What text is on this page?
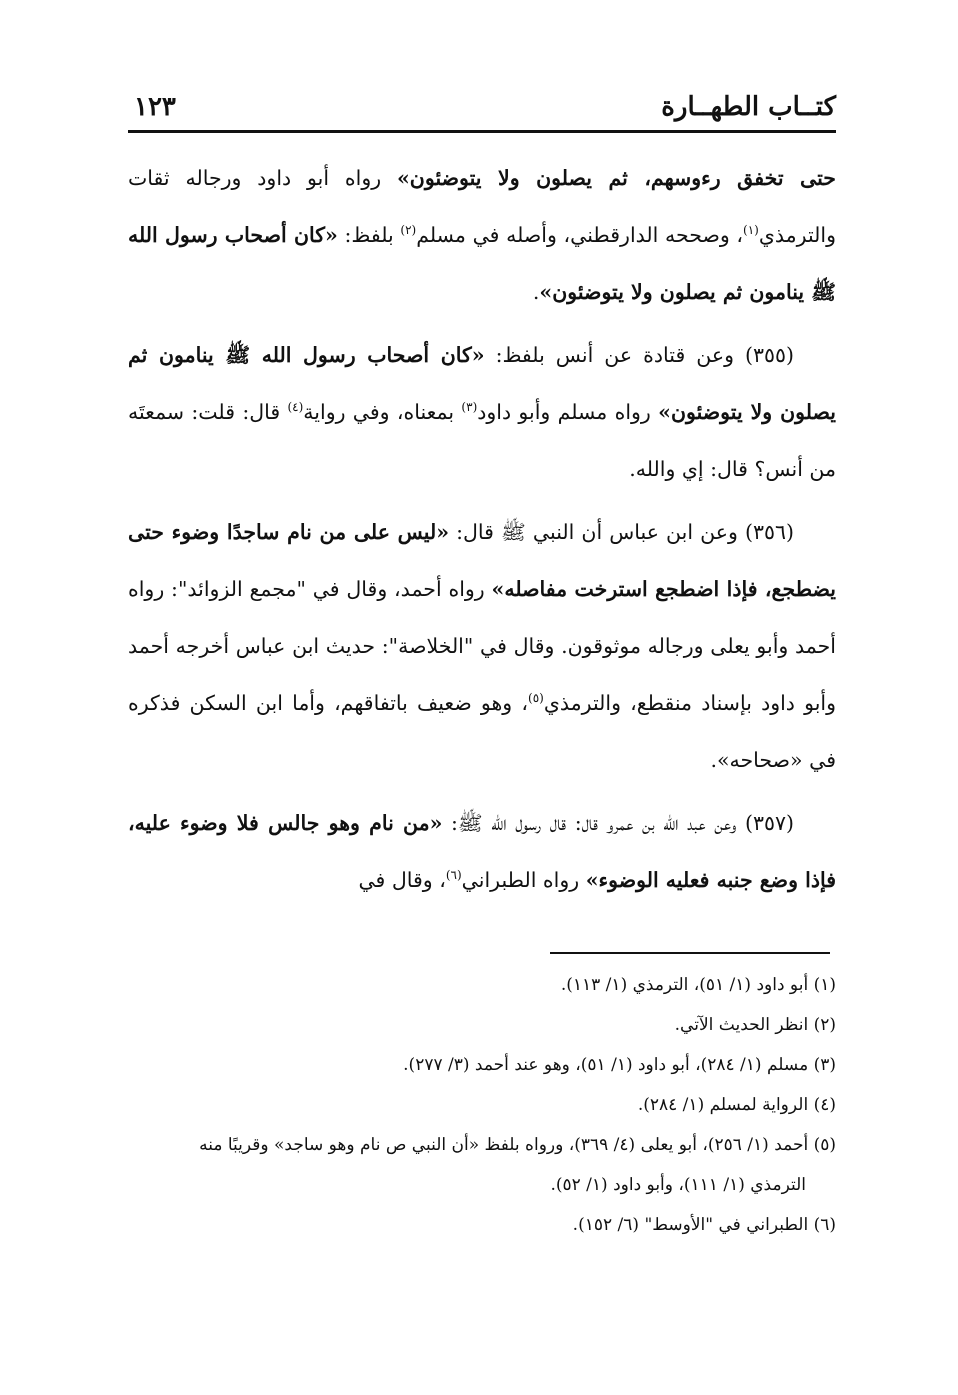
كتــاب الطهــارة
١٢٣

حتى تخفق رءوسهم، ثم يصلون ولا يتوضئون» رواه أبو داود ورجاله ثقات والترمذي$^{(١)}$، وصححه الدارقطني، وأصله في مسلم$^{(٢)}$ بلفظ: «كان أصحاب رسول الله ﷺ ينامون ثم يصلون ولا يتوضئون».

(٣٥٥) وعن قتادة عن أنس بلفظ: «كان أصحاب رسول الله ﷺ ينامون ثم يصلون ولا يتوضئون» رواه مسلم وأبو داود$^{(٣)}$ بمعناه، وفي رواية$^{(٤)}$ قال: قلت: سمعتَه من أنس؟ قال: إي والله.

(٣٥٦) وعن ابن عباس أن النبي ﷺ قال: «ليس على من نام ساجدًا وضوء حتى يضطجع، فإذا اضطجع استرخت مفاصله» رواه أحمد، وقال في "مجمع الزوائد": رواه أحمد وأبو يعلى ورجاله موثوقون. وقال في "الخلاصة": حديث ابن عباس أخرجه أحمد وأبو داود بإسناد منقطع، والترمذي$^{(٥)}$، وهو ضعيف باتفاقهم، وأما ابن السكن فذكره في «صحاحه».

(٣٥٧) وعن عبد الله بن عمرو قال: قال رسول الله ﷺ: «من نام وهو جالس فلا وضوء عليه، فإذا وضع جنبه فعليه الوضوء» رواه الطبراني$^{(٦)}$، وقال في

(١) أبو داود (١/ ٥١)، الترمذي (١/ ١١٣).

(٢) انظر الحديث الآتي.

(٣) مسلم (١/ ٢٨٤)، أبو داود (١/ ٥١)، وهو عند أحمد (٣/ ٢٧٧).

(٤) الرواية لمسلم (١/ ٢٨٤).

(٥) أحمد (١/ ٢٥٦)، أبو يعلى (٤/ ٣٦٩)، ورواه بلفظ «أن النبي ص نام وهو ساجد» وقريبًا منه

الترمذي (١/ ١١١)، وأبو داود (١/ ٥٢).

(٦) الطبراني في "الأوسط" (٦/ ١٥٢).
